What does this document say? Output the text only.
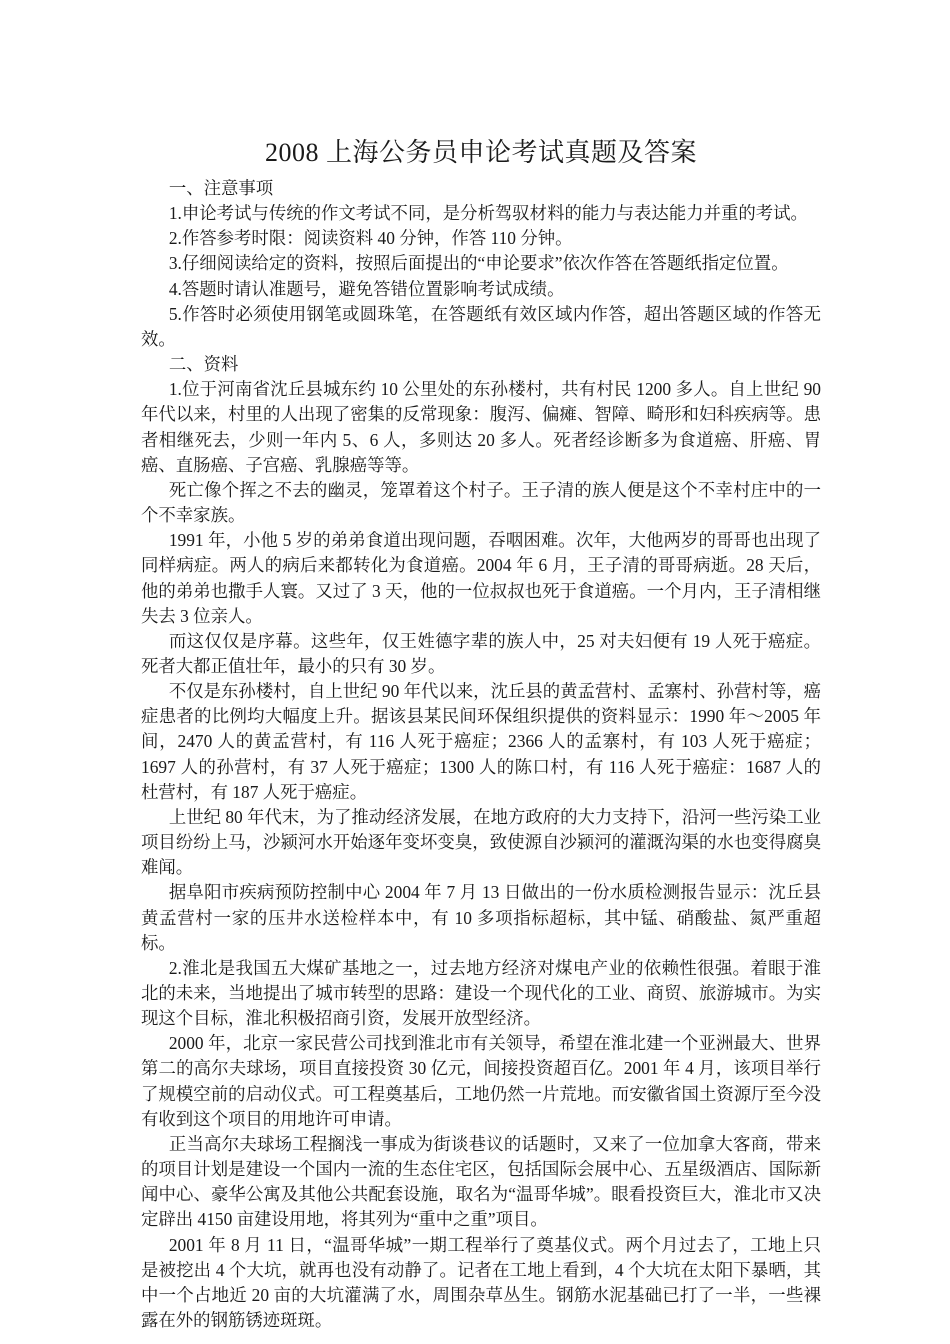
2008 上海公务员申论考试真题及答案

一、注意事项

1.申论考试与传统的作文考试不同，是分析驾驭材料的能力与表达能力并重的考试。

2.作答参考时限：阅读资料 40 分钟，作答 110 分钟。

3.仔细阅读给定的资料，按照后面提出的“申论要求”依次作答在答题纸指定位置。

4.答题时请认准题号，避免答错位置影响考试成绩。

5.作答时必须使用钢笔或圆珠笔，在答题纸有效区域内作答，超出答题区域的作答无效。

二、资料

1.位于河南省沈丘县城东约 10 公里处的东孙楼村，共有村民 1200 多人。自上世纪 90 年代以来，村里的人出现了密集的反常现象：腹泻、偏瘫、智障、畸形和妇科疾病等。患者相继死去，少则一年内 5、6 人，多则达 20 多人。死者经诊断多为食道癌、肝癌、胃癌、直肠癌、子宫癌、乳腺癌等等。

死亡像个挥之不去的幽灵，笼罩着这个村子。王子清的族人便是这个不幸村庄中的一个不幸家族。

1991 年，小他 5 岁的弟弟食道出现问题，吞咽困难。次年，大他两岁的哥哥也出现了同样病症。两人的病后来都转化为食道癌。2004 年 6 月，王子清的哥哥病逝。28 天后，他的弟弟也撒手人寰。又过了 3 天，他的一位叔叔也死于食道癌。一个月内，王子清相继失去 3 位亲人。

而这仅仅是序幕。这些年，仅王姓德字辈的族人中，25 对夫妇便有 19 人死于癌症。死者大都正值壮年，最小的只有 30 岁。

不仅是东孙楼村，自上世纪 90 年代以来，沈丘县的黄孟营村、孟寨村、孙营村等，癌症患者的比例均大幅度上升。据该县某民间环保组织提供的资料显示：1990 年～2005 年间，2470 人的黄孟营村，有 116 人死于癌症；2366 人的孟寨村，有 103 人死于癌症；1697 人的孙营村，有 37 人死于癌症；1300 人的陈口村，有 116 人死于癌症：1687 人的杜营村，有 187 人死于癌症。

上世纪 80 年代末，为了推动经济发展，在地方政府的大力支持下，沿河一些污染工业项目纷纷上马，沙颍河水开始逐年变坏变臭，致使源自沙颍河的灌溉沟渠的水也变得腐臭难闻。

据阜阳市疾病预防控制中心 2004 年 7 月 13 日做出的一份水质检测报告显示：沈丘县黄孟营村一家的压井水送检样本中，有 10 多项指标超标，其中锰、硝酸盐、氮严重超标。

2.淮北是我国五大煤矿基地之一，过去地方经济对煤电产业的依赖性很强。着眼于淮北的未来，当地提出了城市转型的思路：建设一个现代化的工业、商贸、旅游城市。为实现这个目标，淮北积极招商引资，发展开放型经济。

2000 年，北京一家民营公司找到淮北市有关领导，希望在淮北建一个亚洲最大、世界第二的高尔夫球场，项目直接投资 30 亿元，间接投资超百亿。2001 年 4 月，该项目举行了规模空前的启动仪式。可工程奠基后，工地仍然一片荒地。而安徽省国土资源厅至今没有收到这个项目的用地许可申请。

正当高尔夫球场工程搁浅一事成为街谈巷议的话题时，又来了一位加拿大客商，带来的项目计划是建设一个国内一流的生态住宅区，包括国际会展中心、五星级酒店、国际新闻中心、豪华公寓及其他公共配套设施，取名为“温哥华城”。眼看投资巨大，淮北市又决定辟出 4150 亩建设用地，将其列为“重中之重”项目。

2001 年 8 月 11 日，“温哥华城”一期工程举行了奠基仪式。两个月过去了，工地上只是被挖出 4 个大坑，就再也没有动静了。记者在工地上看到，4 个大坑在太阳下暴晒，其中一个占地近 20 亩的大坑灌满了水，周围杂草丛生。钢筋水泥基础已打了一半，一些裸露在外的钢筋锈迹斑斑。
